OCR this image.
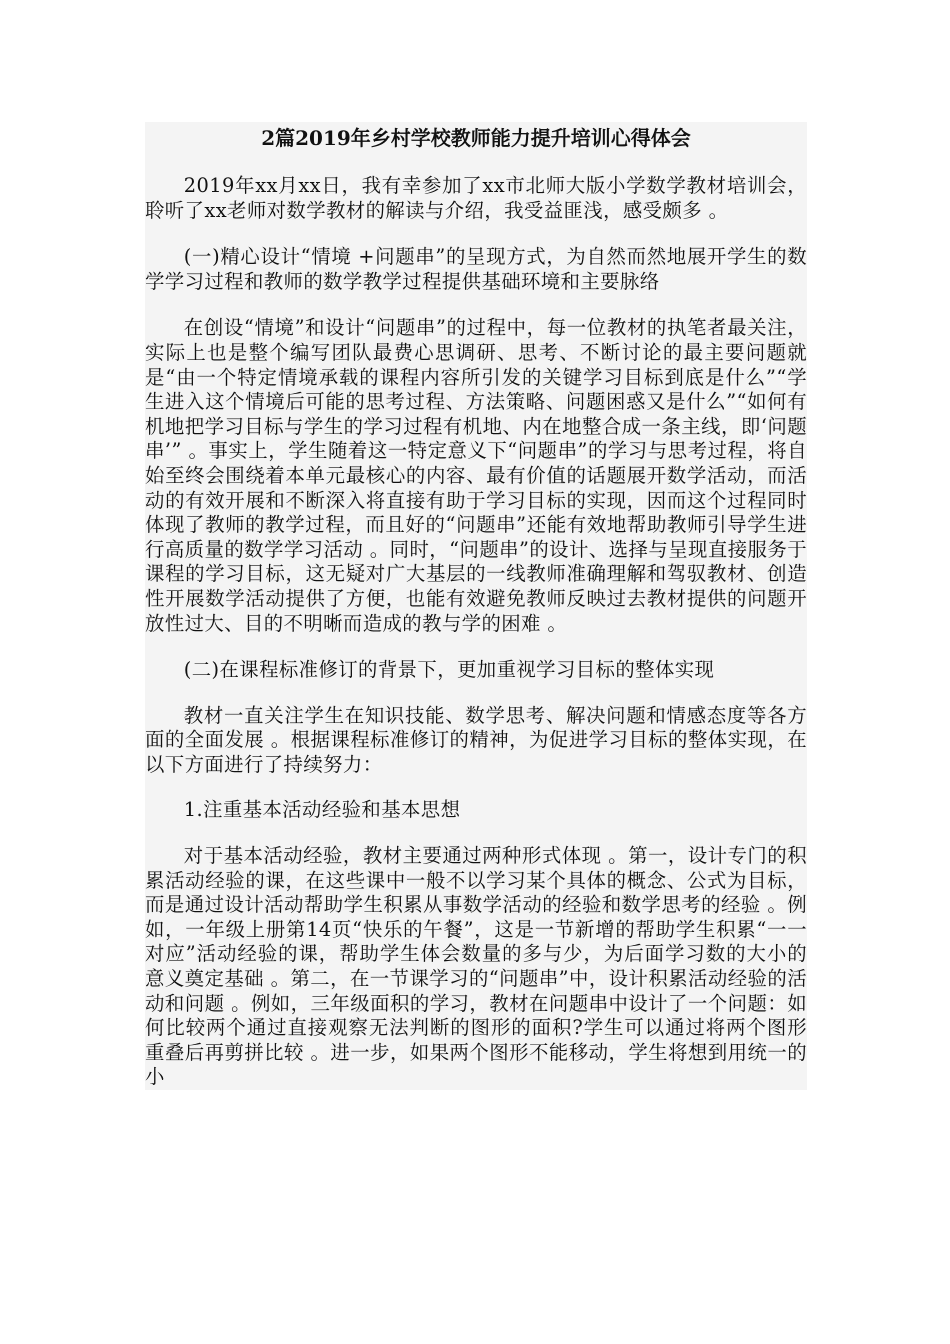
2篇2019年乡村学校教师能力提升培训心得体会

2019年xx月xx日，我有幸参加了xx市北师大版小学数学教材培训会，聆听了xx老师对数学教材的解读与介绍，我受益匪浅，感受颇多 。

(一)精心设计“情境 +问题串”的呈现方式，为自然而然地展开学生的数学学习过程和教师的数学教学过程提供基础环境和主要脉络

在创设“情境”和设计“问题串”的过程中，每一位教材的执笔者最关注，实际上也是整个编写团队最费心思调研、思考、不断讨论的最主要问题就是“由一个特定情境承载的课程内容所引发的关键学习目标到底是什么”“学生进入这个情境后可能的思考过程、方法策略、问题困惑又是什么”“如何有机地把学习目标与学生的学习过程有机地、内在地整合成一条主线，即‘问题串’” 。事实上，学生随着这一特定意义下“问题串”的学习与思考过程，将自始至终会围绕着本单元最核心的内容、最有价值的话题展开数学活动，而活动的有效开展和不断深入将直接有助于学习目标的实现，因而这个过程同时体现了教师的教学过程，而且好的“问题串”还能有效地帮助教师引导学生进行高质量的数学学习活动 。同时，“问题串”的设计、选择与呈现直接服务于课程的学习目标，这无疑对广大基层的一线教师准确理解和驾驭教材、创造性开展数学活动提供了方便，也能有效避免教师反映过去教材提供的问题开放性过大、目的不明晰而造成的教与学的困难 。

(二)在课程标准修订的背景下，更加重视学习目标的整体实现

教材一直关注学生在知识技能、数学思考、解决问题和情感态度等各方面的全面发展 。根据课程标准修订的精神，为促进学习目标的整体实现，在以下方面进行了持续努力：

1.注重基本活动经验和基本思想

对于基本活动经验，教材主要通过两种形式体现 。第一，设计专门的积累活动经验的课，在这些课中一般不以学习某个具体的概念、公式为目标，而是通过设计活动帮助学生积累从事数学活动的经验和数学思考的经验 。例如，一年级上册第14页“快乐的午餐”，这是一节新增的帮助学生积累“一一对应”活动经验的课，帮助学生体会数量的多与少，为后面学习数的大小的意义奠定基础 。第二，在一节课学习的“问题串”中，设计积累活动经验的活动和问题 。例如，三年级面积的学习，教材在问题串中设计了一个问题：如何比较两个通过直接观察无法判断的图形的面积?学生可以通过将两个图形重叠后再剪拼比较 。进一步，如果两个图形不能移动，学生将想到用统一的小
